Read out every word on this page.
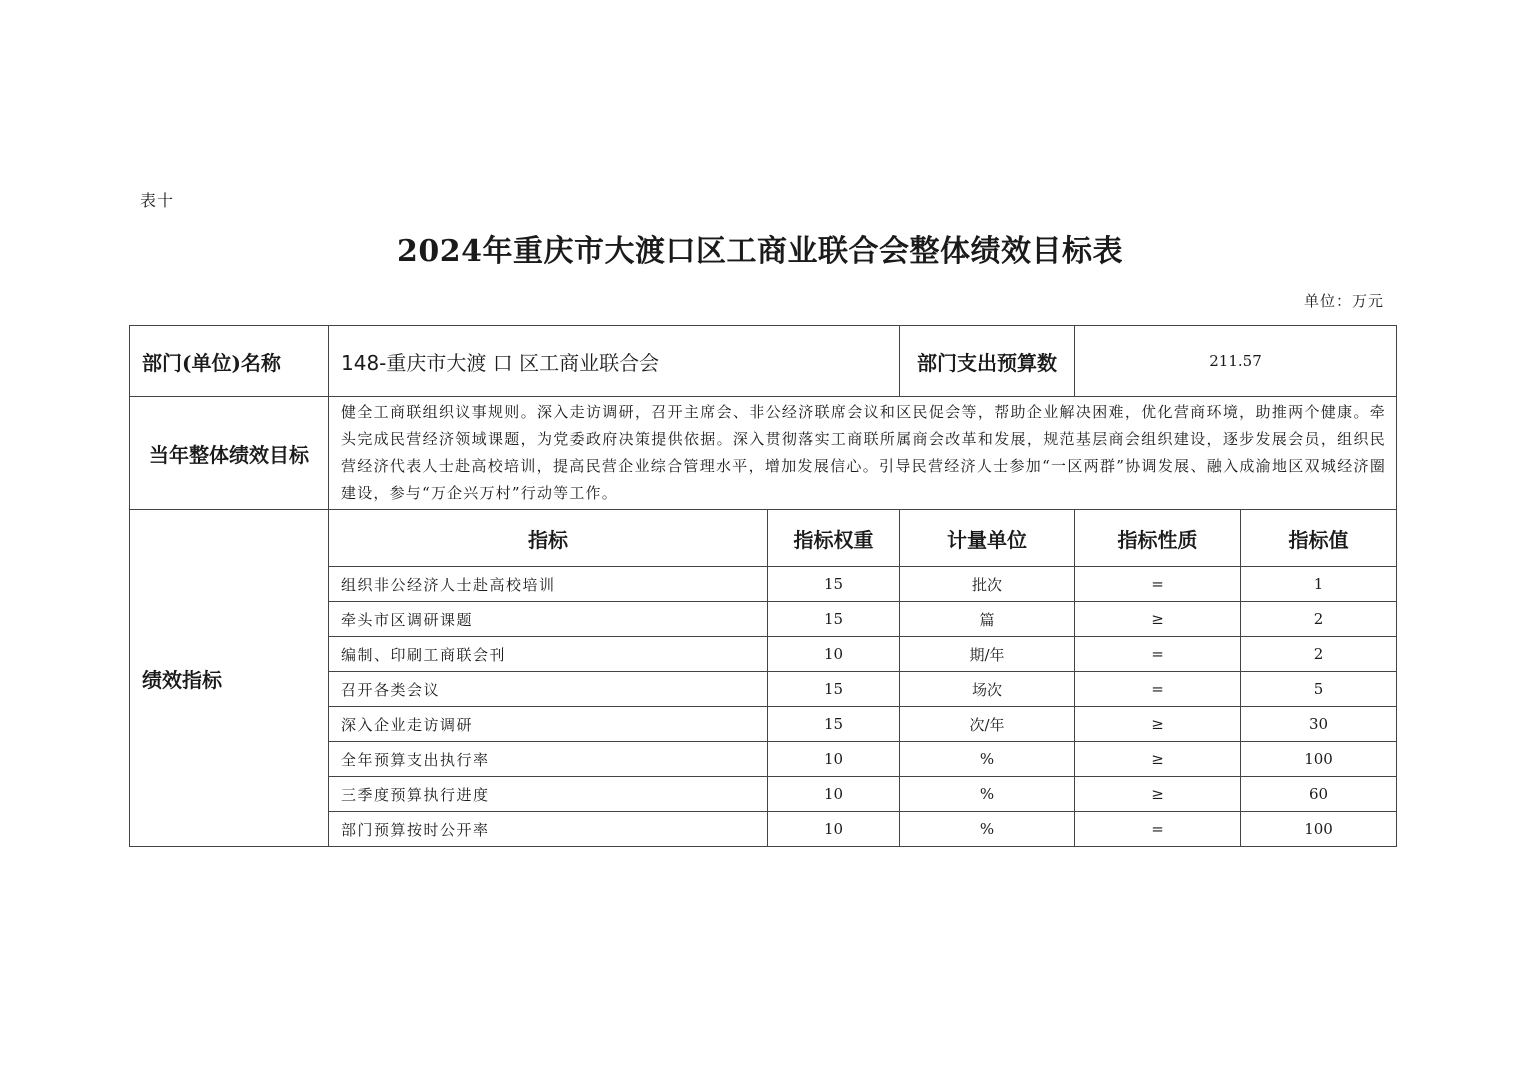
表十
2024年重庆市大渡口区工商业联合会整体绩效目标表
单位：万元
部门(单位)名称	148-重庆市大渡 口 区工商业联合会		部门支出预算数	211.57	
当年整体绩效目标	健全工商联组织议事规则。深入走访调研，召开主席会、非公经济联席会议和区民促会等，帮助企业解决困难，优化营商环境，助推两个健康。牵头完成民营经济领域课题，为党委政府决策提供依据。深入贯彻落实工商联所属商会改革和发展，规范基层商会组织建设，逐步发展会员，组织民营经济代表人士赴高校培训，提高民营企业综合管理水平，增加发展信心。引导民营经济人士参加“一区两群”协调发展、融入成渝地区双城经济圈建设，参与“万企兴万村”行动等工作。				
绩效指标	指标	指标权重	计量单位	指标性质	指标值
	组织非公经济人士赴高校培训	15	批次	=	1
	牵头市区调研课题	15	篇	≥	2
	编制、印刷工商联会刊	10	期/年	=	2
	召开各类会议	15	场次	=	5
	深入企业走访调研	15	次/年	≥	30
	全年预算支出执行率	10	%	≥	100
	三季度预算执行进度	10	%	≥	60
	部门预算按时公开率	10	%	=	100
